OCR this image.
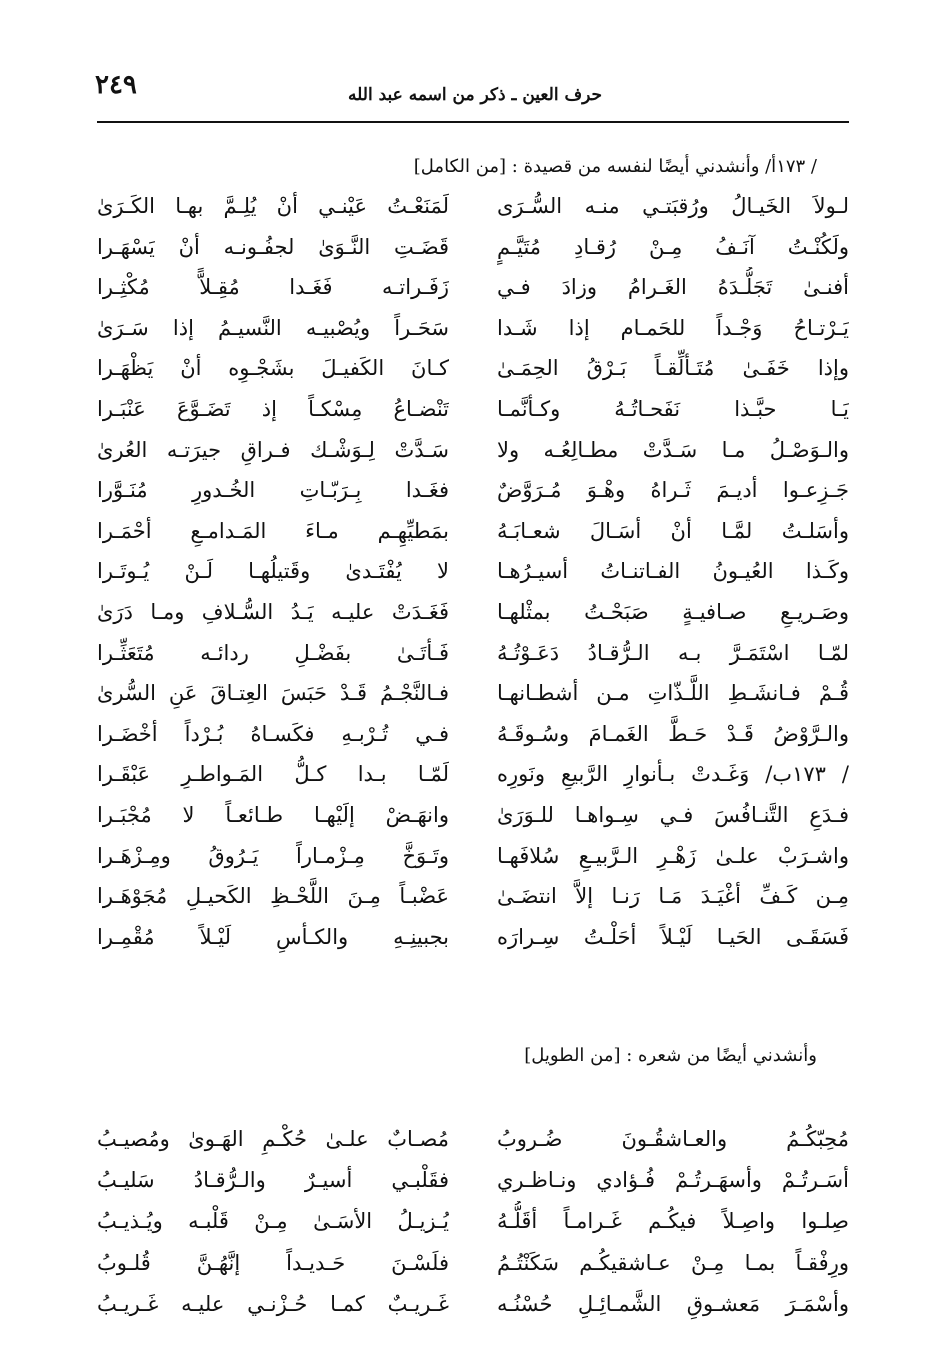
٢٤٩	حرف العين ـ ذكر من اسمه عبد الله
/ ١٧٣أ/ وأنشدني أيضًا لنفسه من قصيدة : [من الكامل]
لـولاَ الخَيـالُ ورُقبَتـي منـه السُّـرَى
لَمَنَعْـتُ عَيْنـي أنْ يُلِـمَّ بهـا الكَـرَىٰ
ولَكُنْـتُ آنَـفُ مِـنْ رُقـادِ مُتَيَّـمٍ
قَضَـتِ النَّـوَىٰ لجفُـونـه أنْ يَسْهَـرا
أفنـىٰ تَجَلُّـدَهُ الغَـرامُ وزادَ فـي
زَفَـراتـه فَغَـدا مُقِـلاًّ مُكْثِـرا
يَـرْتـاحُ وَجْـداً للحَمـام إذا شَـدا
سَحَـراً ويُصْبيـه النَّسيـمُ إذا سَـرَىٰ
وإذا خَفَـىٰ مُتَـألِّقـاً بَـرْقُ الحِمَـىٰ
كـانَ الكَفيـلَ بشَجْـوِه أنْ يَظْهَـرا
يَـا حبَّـذا نَفَحـاتُـهُ وكـأنَّمـا
تَنْضـاعُ مِسْكـاً إذ تَضَـوَّعَ عَنْبَـرا
والـوَصْـلُ مـا سَـدَّتْ مطـالِعُـه ولا
سَـدَّتْ لِـوَشْـك فـراقِ جيرَتـه العُرىٰ
جَـزِعـوا أديـمَ ثَـراهُ وهْـوَ مُـرَوَّضٌ
فغَـدا بِـرَبّـاتِ الخُـدورِ مُنَـوَّرا
وأسَلـتُ لمَّـا أنْ أسَـالَ شعـابَـهُ
بمَطيِّهِـم مـاءَ المَـدامـعِ أحْمَـرا
وكَـذا العُيـونُ الفـاتنـاتُ أسيـرُهـا
لا يُفْتَـدىٰ وقَتيلُهـا لَـنْ يُـوتَـرا
وصَـريـعِ صـافيـةٍ صَبَحْـتُ بمثْلهـا
فَغَـدَتْ عليـه يَـدُ السُّـلافِ ومـا دَرَىٰ
لمّـا اسْتَمَـرَّ بـه الـرُّقـادُ دَعَـوْتُـهُ
فَـأتَـىٰ بفَضْـلِ ردائـه مُتَعَثِّـرا
قُـمْ فـانشَـطِ اللَّـذّاتِ مـن أشطـانهـا
فـالنَّجْـمُ قَـدْ حَبَسَ العِتـاقَ عَنِ السُّرىٰ
والـرَّوْضُ قَـدْ حَـطَّ الغَمـامَ وسُـوقَـهُ
فـي تُـرْبـهِ فكَسـاهُ بُـرْداً أخْضَـرا
/ ١٧٣ب/ وَغَـدتْ بـأنوارِ الرَّبيعِ ونَورِه
لَمّـا بـدا كـلُّ المَـواطـرِ عَبْقَـرا
فـدَعِ التَّنـافُسَ فـي سِـواهـا للـوَرَىٰ
وانهَـضْ إلَيْهـا طـائعـاً لا مُجْبَـرا
واشـرَبْ علـىٰ زَهْـرِ الـرَّبيـعِ سُلافَهـا
وتَـوَخَّ مِـزْمـاراً يَـرُوقُ ومِـزْهَـرا
مِـن كَـفِّ أغْيَـدَ مَـا رَنـا إلاَّ انتضَـىٰ
عَضْبـاً مِـنَ اللَّحْـظِ الكَحيـلِ مُجَوْهَـرا
فَسَقَـى الحَيـا لَيْـلاً أحَلْـتُ سِـرارَه
بجبينِـهِ والكـأسِ لَيْـلاً مُقْمِـرا
وأنشدني أيضًا من شعره : [من الطويل]
مُحِبّكُـمُ والعـاشقُـونَ ضُـروبُ
مُصـابٌ علـىٰ حُكْـمِ الهَـوىٰ ومُصيـبُ
أسَـرتُـمْ وأسهَـرتُـمْ فُـؤادي ونـاظـري
فقَلْبـي أسيـرٌ والـرُّقـادُ سَليـبُ
صِلـوا واصِـلاً فيكُـم غَـرامـاً أقَلُّـهُ
يُـزيـلُ الأسَـىٰ مِـنْ قَلْبـه ويُـذيـبُ
ورِفْقـاً بمـا مِـنْ عـاشقيكُـم سَكَنْتُـمُ
فلَسْـنَ حَـديـداً إنَّهُـنَّ قُلـوبُ
وأسْمَـرَ مَعشـوقِ الشَّمـائِـلِ حُسْنُـه
غَـريـبٌ كمـا حُـزْنـي عليـه غَـريـبُ
